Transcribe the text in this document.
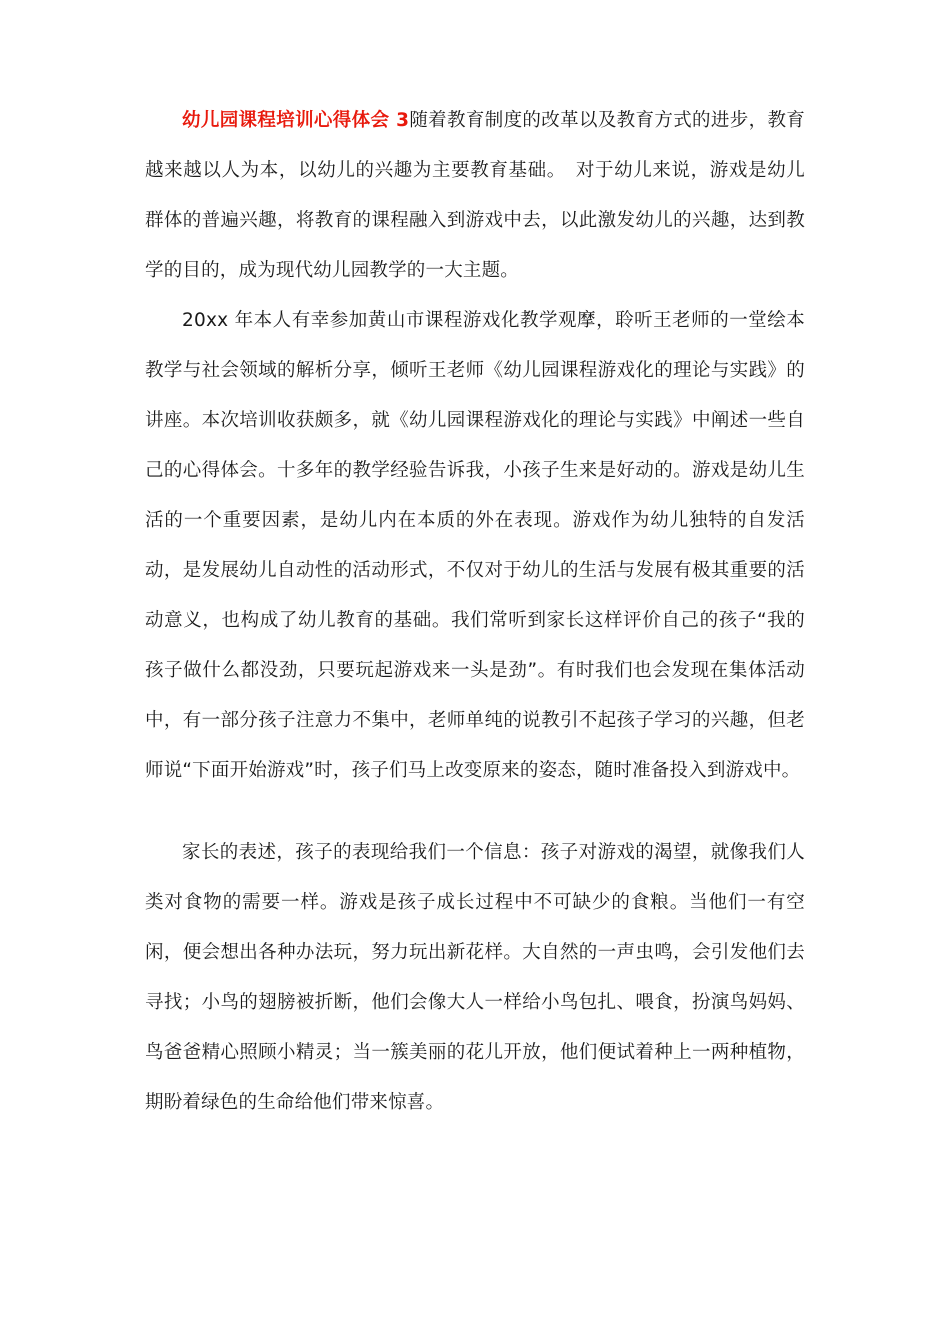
幼儿园课程培训心得体会 3随着教育制度的改革以及教育方式的进步，教育越来越以人为本，以幼儿的兴趣为主要教育基础。　对于幼儿来说，游戏是幼儿群体的普遍兴趣，将教育的课程融入到游戏中去，以此激发幼儿的兴趣，达到教学的目的，成为现代幼儿园教学的一大主题。

20xx 年本人有幸参加黄山市课程游戏化教学观摩，聆听王老师的一堂绘本教学与社会领域的解析分享，倾听王老师《幼儿园课程游戏化的理论与实践》的讲座。本次培训收获颇多，就《幼儿园课程游戏化的理论与实践》中阐述一些自己的心得体会。十多年的教学经验告诉我，小孩子生来是好动的。游戏是幼儿生活的一个重要因素，是幼儿内在本质的外在表现。游戏作为幼儿独特的自发活动，是发展幼儿自动性的活动形式，不仅对于幼儿的生活与发展有极其重要的活动意义，也构成了幼儿教育的基础。我们常听到家长这样评价自己的孩子“我的孩子做什么都没劲，只要玩起游戏来一头是劲”。有时我们也会发现在集体活动中，有一部分孩子注意力不集中，老师单纯的说教引不起孩子学习的兴趣，但老师说“下面开始游戏”时，孩子们马上改变原来的姿态，随时准备投入到游戏中。

家长的表述，孩子的表现给我们一个信息：孩子对游戏的渴望，就像我们人类对食物的需要一样。游戏是孩子成长过程中不可缺少的食粮。当他们一有空闲，便会想出各种办法玩，努力玩出新花样。大自然的一声虫鸣，会引发他们去寻找；小鸟的翅膀被折断，他们会像大人一样给小鸟包扎、喂食，扮演鸟妈妈、鸟爸爸精心照顾小精灵；当一簇美丽的花儿开放，他们便试着种上一两种植物，期盼着绿色的生命给他们带来惊喜。
